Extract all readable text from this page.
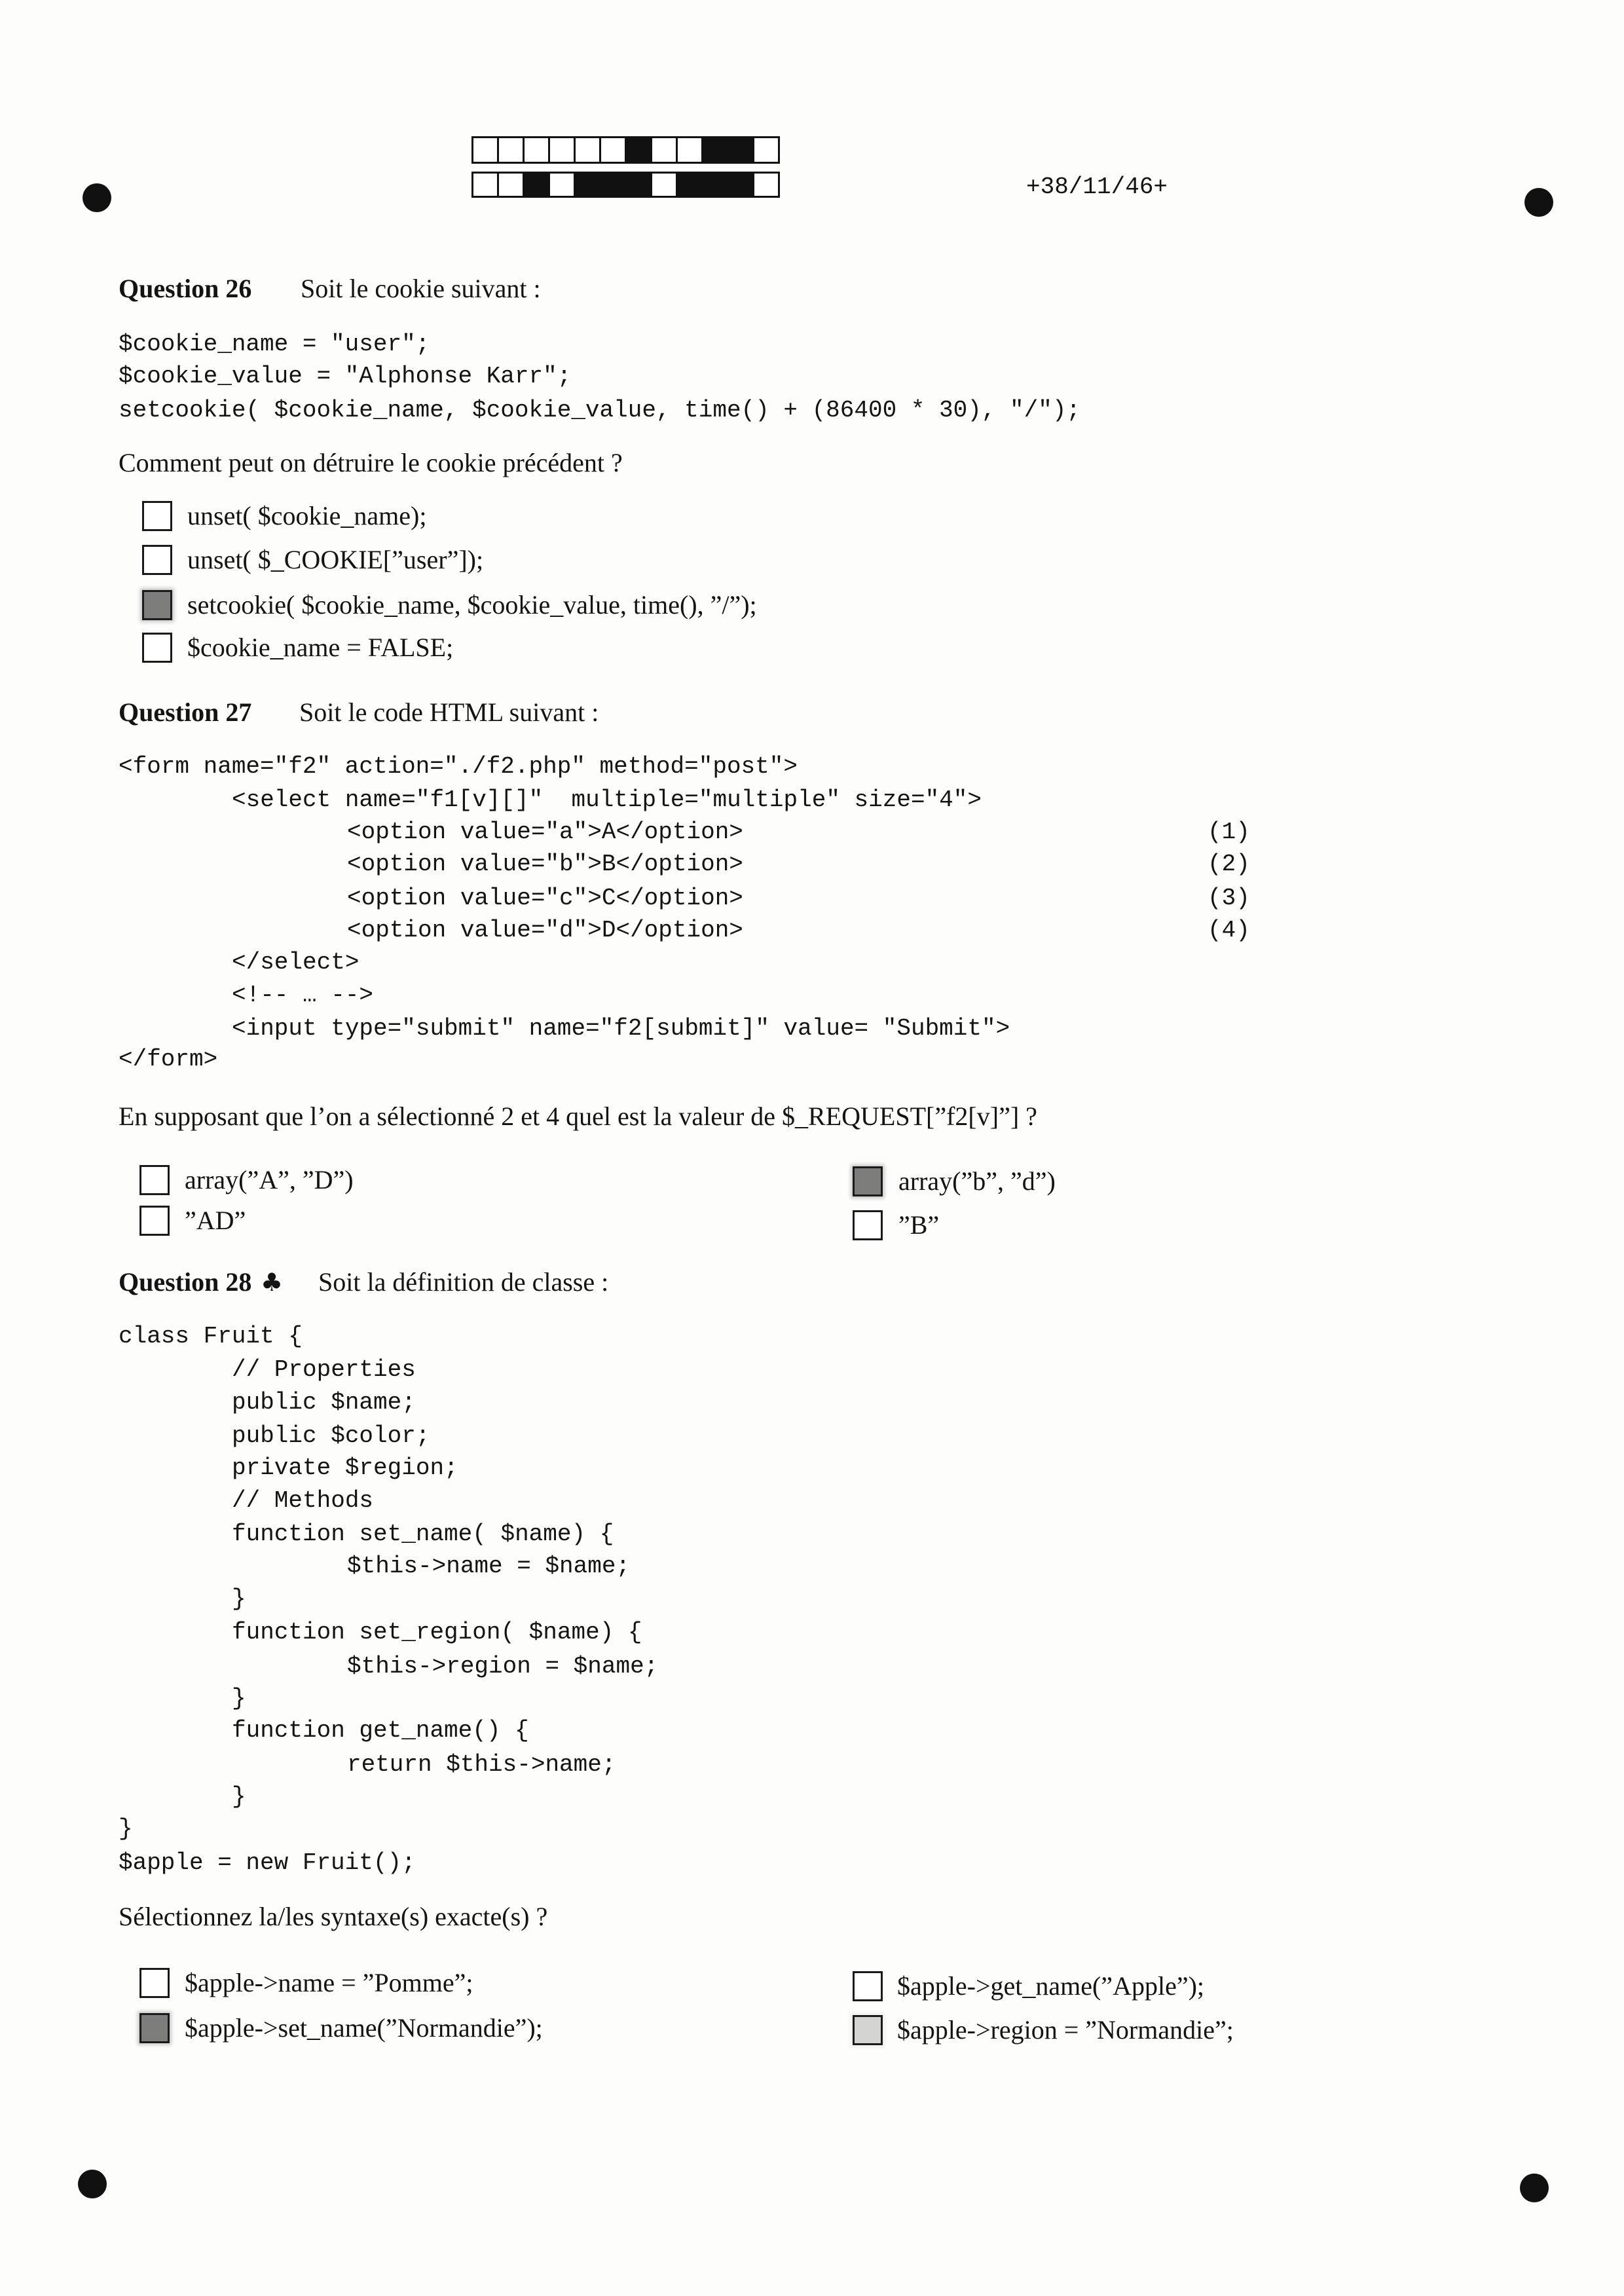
+38/11/46+
Question 26 Soit le cookie suivant :
$cookie_name = "user";
$cookie_value = "Alphonse Karr";
setcookie( $cookie_name, $cookie_value, time() + (86400 * 30), "/");
Comment peut on détruire le cookie précédent ?
unset( $cookie_name);
unset( $_COOKIE[”user”]);
setcookie( $cookie_name, $cookie_value, time(), ”/”);
$cookie_name = FALSE;
Question 27 Soit le code HTML suivant :
<form name="f2" action="./f2.php" method="post">
<select name="f1[v][]"  multiple="multiple" size="4">
<option value="a">A</option>
<option value="b">B</option>
<option value="c">C</option>
<option value="d">D</option>
</select>
<!-- … -->
<input type="submit" name="f2[submit]" value= "Submit">
</form>
(1)
(2)
(3)
(4)
En supposant que l’on a sélectionné 2 et 4 quel est la valeur de $_REQUEST[”f2[v]”] ?
array(”A”, ”D”)
”AD”
array(”b”, ”d”)
”B”
Question 28 ♣ Soit la définition de classe :
class Fruit {
// Properties
public $name;
public $color;
private $region;
// Methods
function set_name( $name) {
$this->name = $name;
}
function set_region( $name) {
$this->region = $name;
}
function get_name() {
return $this->name;
}
}
$apple = new Fruit();
Sélectionnez la/les syntaxe(s) exacte(s) ?
$apple->name = ”Pomme”;
$apple->set_name(”Normandie”);
$apple->get_name(”Apple”);
$apple->region = ”Normandie”;
